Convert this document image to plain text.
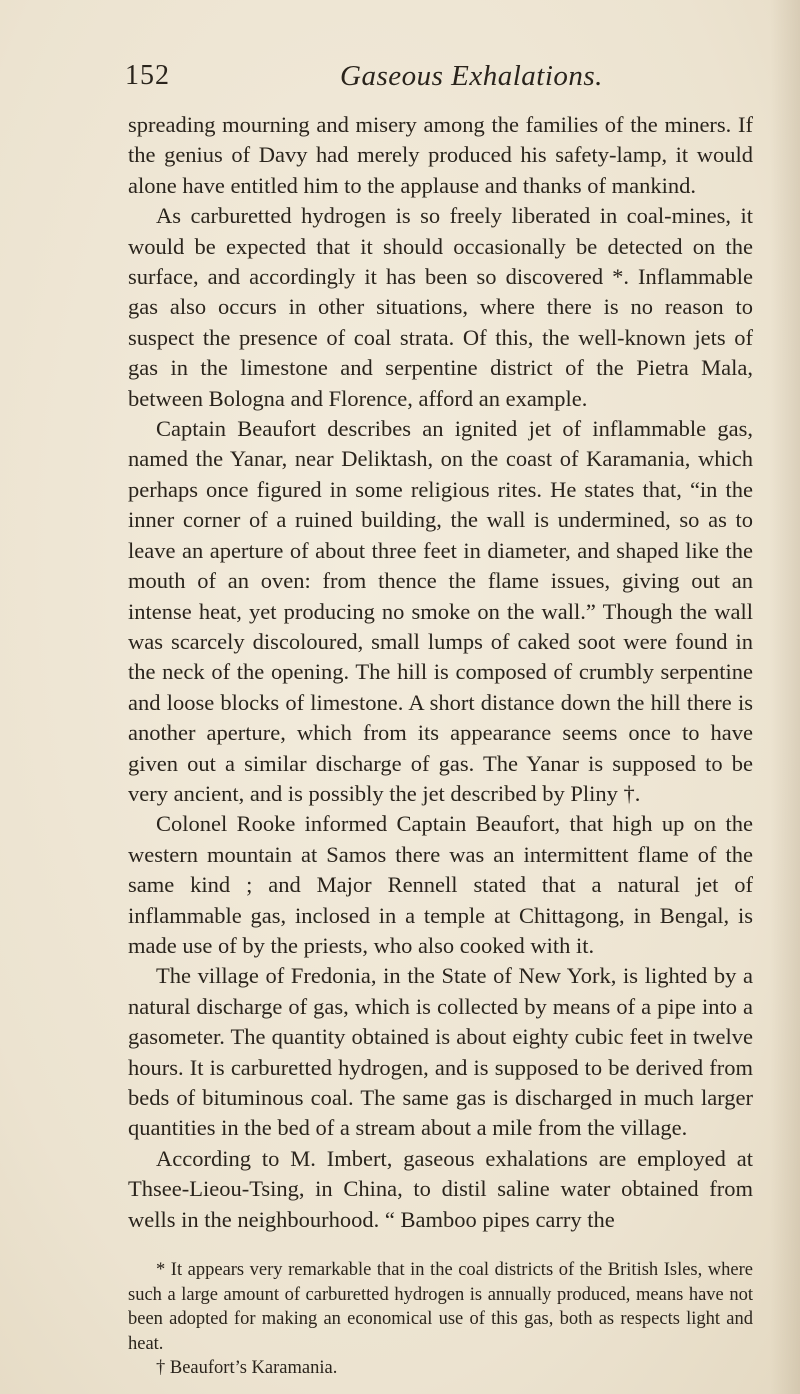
152	Gaseous Exhalations.

spreading mourning and misery among the families of the miners. If the genius of Davy had merely produced his safety-lamp, it would alone have entitled him to the applause and thanks of mankind.

As carburetted hydrogen is so freely liberated in coal-mines, it would be expected that it should occasionally be detected on the surface, and accordingly it has been so discovered *. Inflammable gas also occurs in other situations, where there is no reason to suspect the presence of coal strata. Of this, the well-known jets of gas in the limestone and serpentine district of the Pietra Mala, between Bologna and Florence, afford an example.

Captain Beaufort describes an ignited jet of inflammable gas, named the Yanar, near Deliktash, on the coast of Karamania, which perhaps once figured in some religious rites. He states that, “in the inner corner of a ruined building, the wall is undermined, so as to leave an aperture of about three feet in diameter, and shaped like the mouth of an oven: from thence the flame issues, giving out an intense heat, yet producing no smoke on the wall.” Though the wall was scarcely discoloured, small lumps of caked soot were found in the neck of the opening. The hill is composed of crumbly serpentine and loose blocks of limestone. A short distance down the hill there is another aperture, which from its appearance seems once to have given out a similar discharge of gas. The Yanar is supposed to be very ancient, and is possibly the jet described by Pliny †.

Colonel Rooke informed Captain Beaufort, that high up on the western mountain at Samos there was an intermittent flame of the same kind ; and Major Rennell stated that a natural jet of inflammable gas, inclosed in a temple at Chittagong, in Bengal, is made use of by the priests, who also cooked with it.

The village of Fredonia, in the State of New York, is lighted by a natural discharge of gas, which is collected by means of a pipe into a gasometer. The quantity obtained is about eighty cubic feet in twelve hours. It is carburetted hydrogen, and is supposed to be derived from beds of bituminous coal. The same gas is discharged in much larger quantities in the bed of a stream about a mile from the village.

According to M. Imbert, gaseous exhalations are employed at Thsee-Lieou-Tsing, in China, to distil saline water obtained from wells in the neighbourhood. “ Bamboo pipes carry the

* It appears very remarkable that in the coal districts of the British Isles, where such a large amount of carburetted hydrogen is annually produced, means have not been adopted for making an economical use of this gas, both as respects light and heat.

† Beaufort’s Karamania.
